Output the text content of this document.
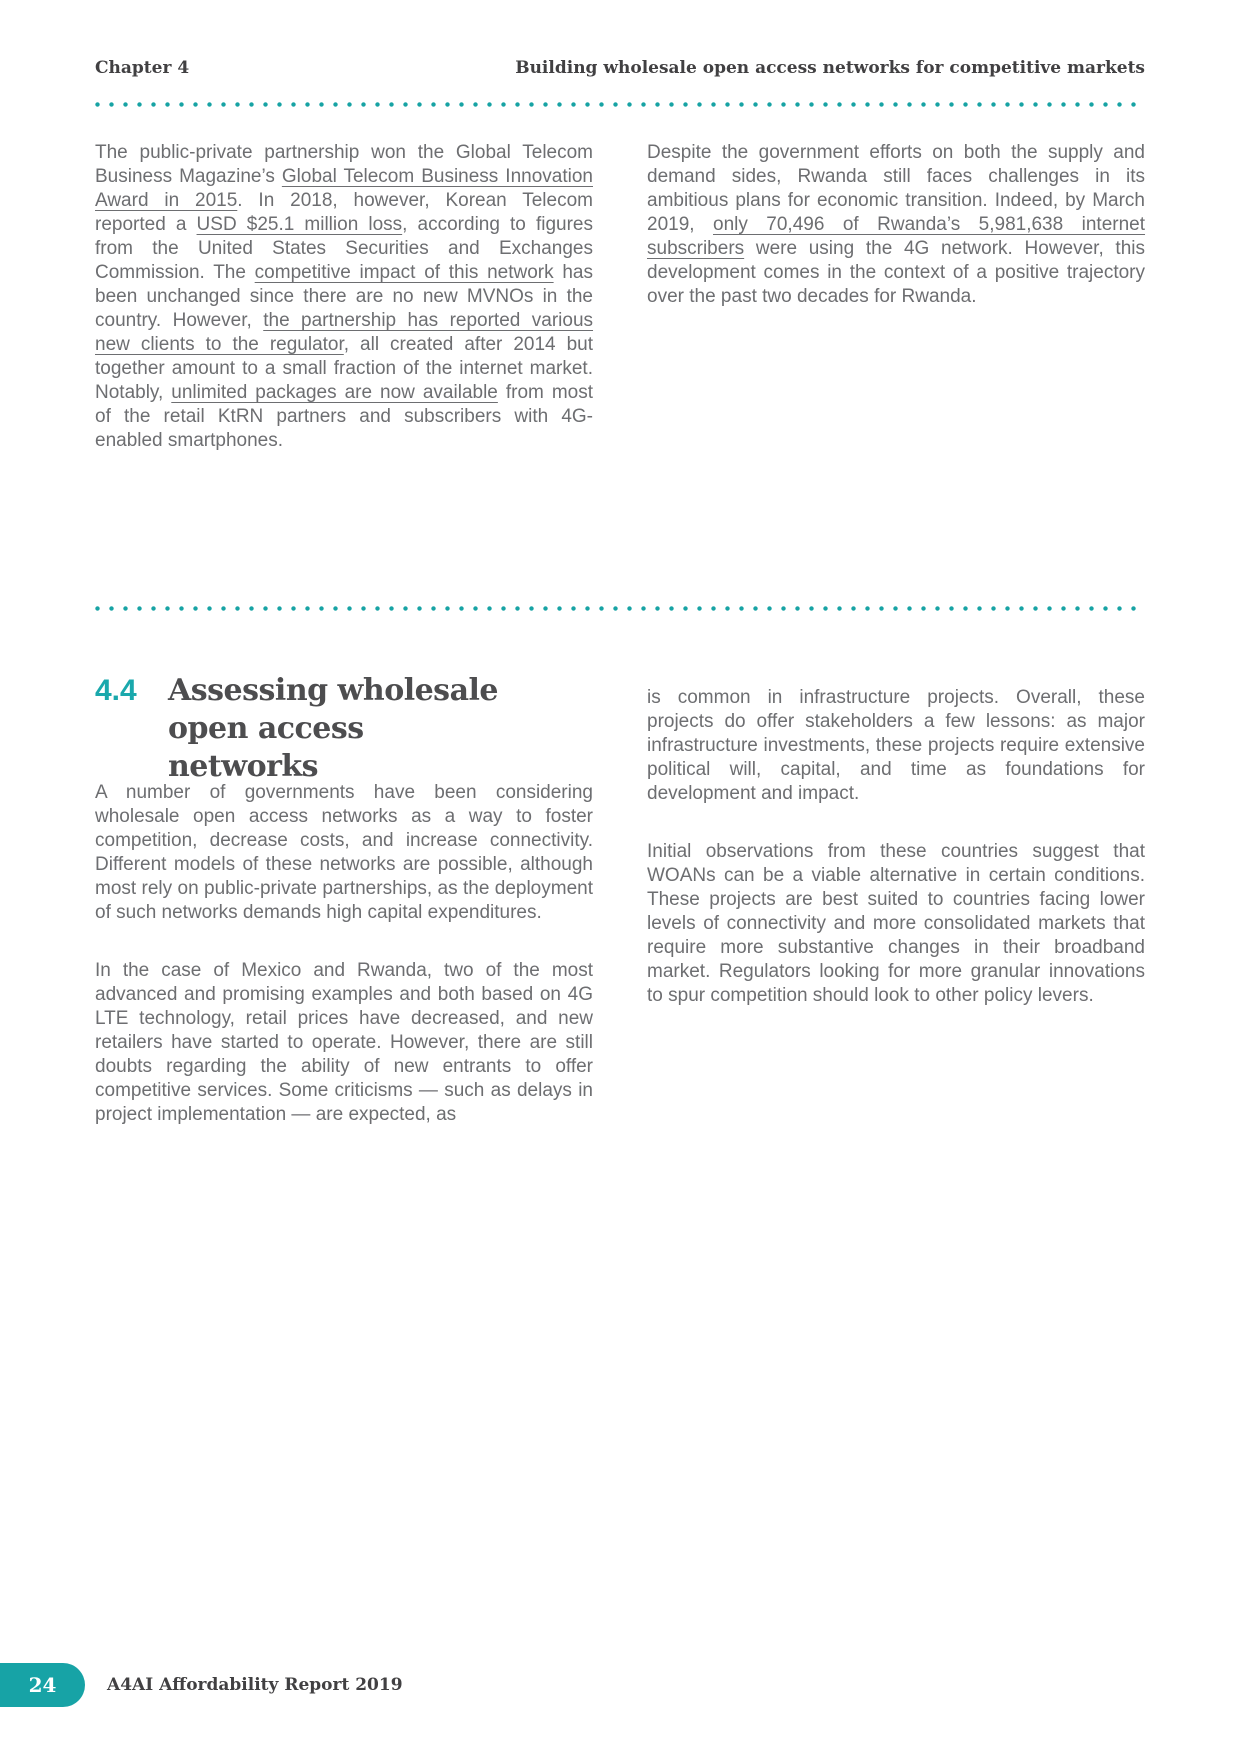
Chapter 4	Building wholesale open access networks for competitive markets

The public-private partnership won the Global Telecom Business Magazine’s Global Telecom Business Innovation Award in 2015. In 2018, however, Korean Telecom reported a USD $25.1 million loss, according to figures from the United States Securities and Exchanges Commission. The competitive impact of this network has been unchanged since there are no new MVNOs in the country. However, the partnership has reported various new clients to the regulator, all created after 2014 but together amount to a small fraction of the internet market. Notably, unlimited packages are now available from most of the retail KtRN partners and subscribers with 4G-enabled smartphones.

Despite the government efforts on both the supply and demand sides, Rwanda still faces challenges in its ambitious plans for economic transition. Indeed, by March 2019, only 70,496 of Rwanda’s 5,981,638 internet subscribers were using the 4G network. However, this development comes in the context of a positive trajectory over the past two decades for Rwanda.

4.4	Assessing wholesale open access networks

A number of governments have been considering wholesale open access networks as a way to foster competition, decrease costs, and increase connectivity. Different models of these networks are possible, although most rely on public-private partnerships, as the deployment of such networks demands high capital expenditures.

In the case of Mexico and Rwanda, two of the most advanced and promising examples and both based on 4G LTE technology, retail prices have decreased, and new retailers have started to operate. However, there are still doubts regarding the ability of new entrants to offer competitive services. Some criticisms — such as delays in project implementation — are expected, as

is common in infrastructure projects. Overall, these projects do offer stakeholders a few lessons: as major infrastructure investments, these projects require extensive political will, capital, and time as foundations for development and impact.

Initial observations from these countries suggest that WOANs can be a viable alternative in certain conditions. These projects are best suited to countries facing lower levels of connectivity and more consolidated markets that require more substantive changes in their broadband market. Regulators looking for more granular innovations to spur competition should look to other policy levers.

24	A4AI Affordability Report 2019
